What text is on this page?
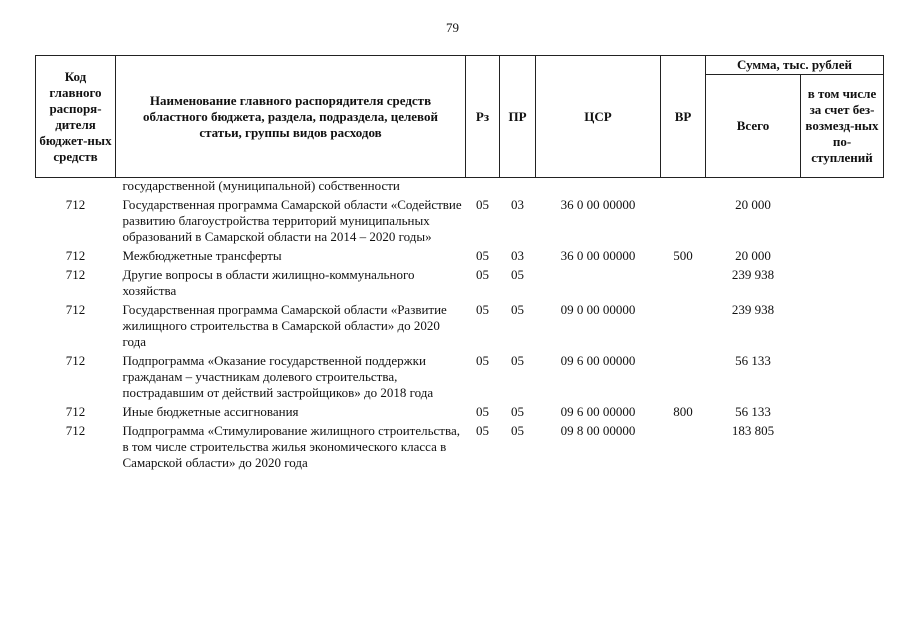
79
Код главного распоря-дителя бюджет-ных средств	Наименование главного распорядителя средств областного бюджета, раздела, подраздела, целевой статьи, группы видов расходов	Рз	ПР	ЦСР	ВР	Сумма, тыс. рублей	
						Всего	в том числе за счет без-возмезд-ных по-ступлений
	государственной (муниципальной) собственности						
712	Государственная программа Самарской области «Содействие развитию благоустройства территорий муниципальных образований в Самарской области на 2014 – 2020 годы»	05	03	36 0 00 00000		20 000	
712	Межбюджетные трансферты	05	03	36 0 00 00000	500	20 000	
712	Другие вопросы в области жилищно-коммунального хозяйства	05	05			239 938	
712	Государственная программа Самарской области «Развитие жилищного строительства в Самарской области» до 2020 года	05	05	09 0 00 00000		239 938	
712	Подпрограмма «Оказание государственной поддержки гражданам – участникам долевого строительства, пострадавшим от действий застройщиков» до 2018 года	05	05	09 6 00 00000		56 133	
712	Иные бюджетные ассигнования	05	05	09 6 00 00000	800	56 133	
712	Подпрограмма «Стимулирование жилищного строительства, в том числе строительства жилья экономического класса в Самарской области» до 2020 года	05	05	09 8 00 00000		183 805	
